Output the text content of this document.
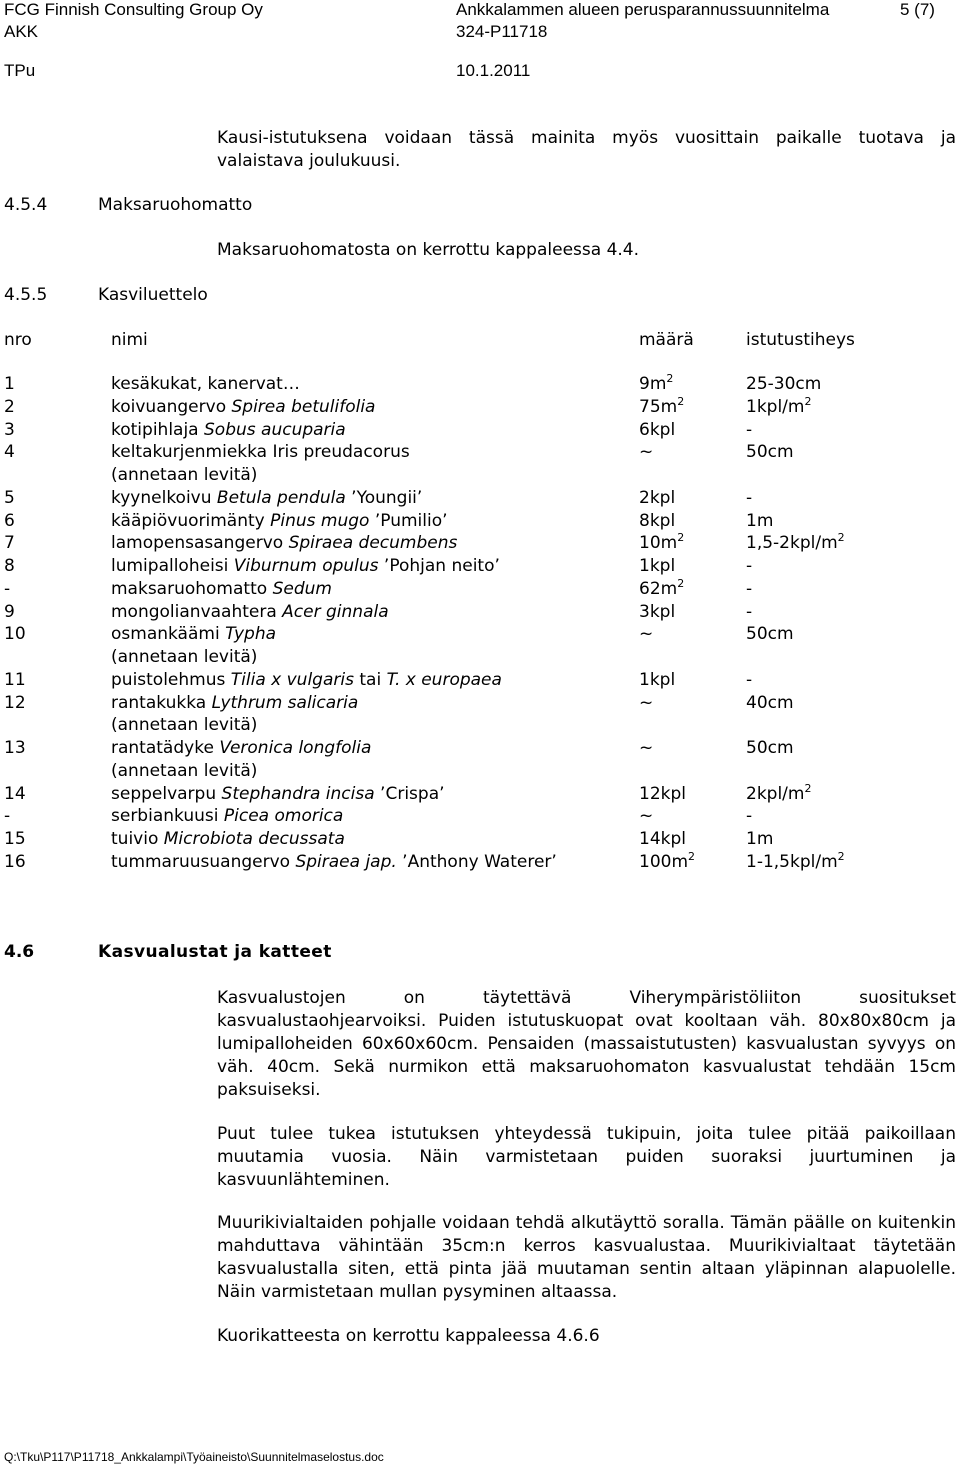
FCG Finnish Consulting Group Oy
AKK
TPu
Ankkalammen alueen perusparannussuunnitelma
324-P11718
10.1.2011
5 (7)
Kausi-istutuksena voidaan tässä mainita myös vuosittain paikalle tuotava ja valaistava joulukuusi.
4.5.4	Maksaruohomatto
Maksaruohomatosta on kerrottu kappaleessa 4.4.
4.5.5	Kasviluettelo
nro	nimi	määrä	istutustiheys
1	kesäkukat, kanervat…	$9m^2$	25-30cm
2	koivuangervo Spirea betulifolia	$75m^2$	$1kpl/m^2$
3	kotipihlaja Sobus aucuparia	6kpl	-
4	keltakurjenmiekka Iris preudacorus	~	50cm
(annetaan levitä)
5	kyynelkoivu Betula pendula ’Youngii’	2kpl	-
6	kääpiövuorimänty Pinus mugo ’Pumilio’	8kpl	1m
7	lamopensasangervo Spiraea decumbens	$10m^2$	$1,5-2kpl/m^2$
8	lumipalloheisi Viburnum opulus ’Pohjan neito’	1kpl	-
-	maksaruohomatto Sedum	$62m^2$	-
9	mongolianvaahtera Acer ginnala	3kpl	-
10	osmankäämi Typha	~	50cm
(annetaan levitä)
11	puistolehmus Tilia x vulgaris tai T. x europaea	1kpl	-
12	rantakukka Lythrum salicaria	~	40cm
(annetaan levitä)
13	rantatädyke Veronica longfolia	~	50cm
(annetaan levitä)
14	seppelvarpu Stephandra incisa ’Crispa’	12kpl	$2kpl/m^2$
-	serbiankuusi Picea omorica	~	-
15	tuivio Microbiota decussata	14kpl	1m
16	tummaruusuangervo Spiraea jap. ’Anthony Waterer’	$100m^2$	$1-1,5kpl/m^2$
4.6	Kasvualustat ja katteet
Kasvualustojen on täytettävä Viherympäristöliiton suositukset kasvualustaohjearvoiksi. Puiden istutuskuopat ovat kooltaan väh. 80x80x80cm ja lumipalloheiden 60x60x60cm. Pensaiden (massaistutusten) kasvualustan syvyys on väh. 40cm. Sekä nurmikon että maksaruohomaton kasvualustat tehdään 15cm paksuiseksi.
Puut tulee tukea istutuksen yhteydessä tukipuin, joita tulee pitää paikoillaan muutamia vuosia. Näin varmistetaan puiden suoraksi juurtuminen ja kasvuunlähteminen.
Muurikivialtaiden pohjalle voidaan tehdä alkutäyttö soralla. Tämän päälle on kuitenkin mahduttava vähintään 35cm:n kerros kasvualustaa. Muurikivialtaat täytetään kasvualustalla siten, että pinta jää muutaman sentin altaan yläpinnan alapuolelle. Näin varmistetaan mullan pysyminen altaassa.
Kuorikatteesta on kerrottu kappaleessa 4.6.6
Q:\Tku\P117\P11718_Ankkalampi\Työaineisto\Suunnitelmaselostus.doc
